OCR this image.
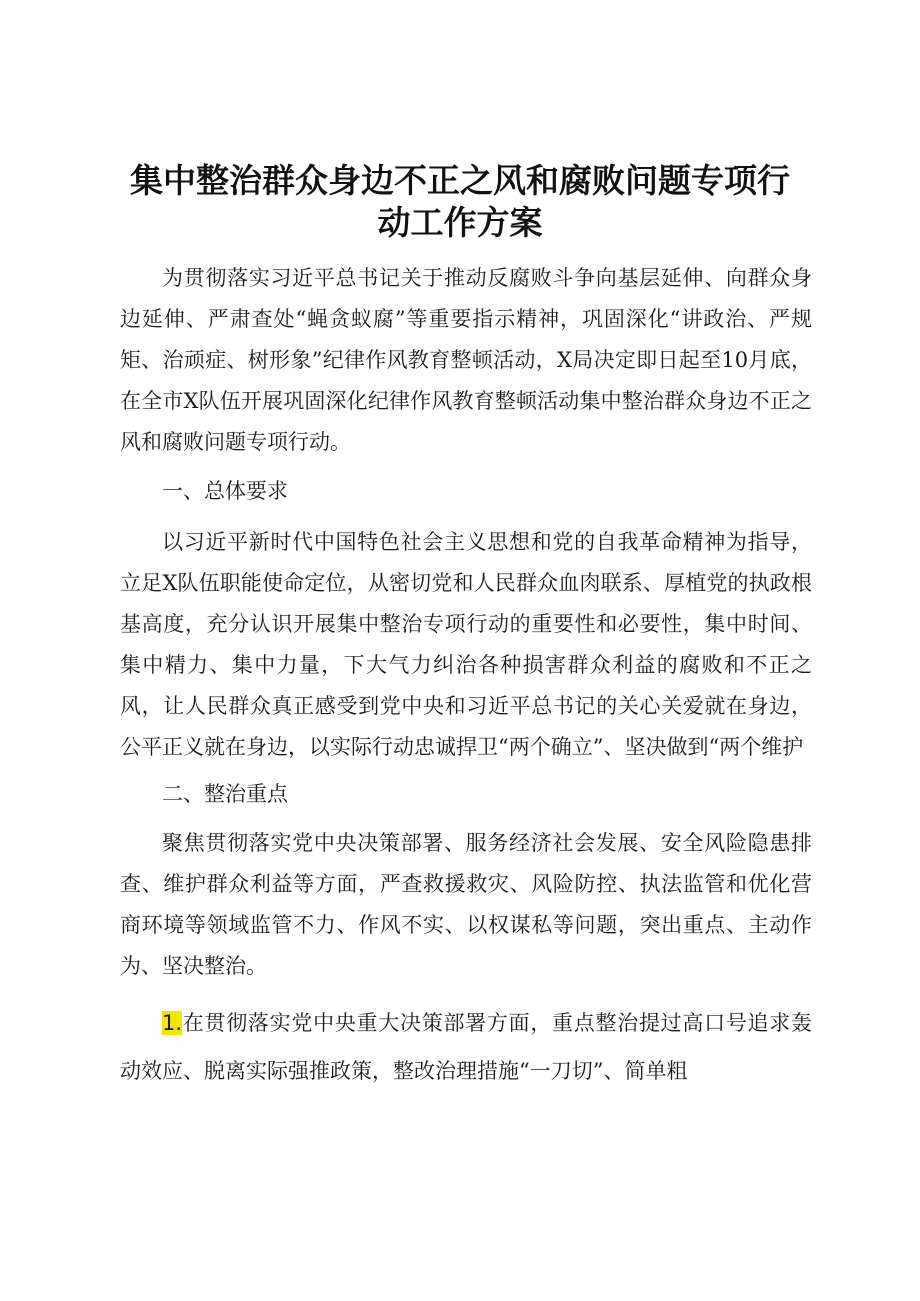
集中整治群众身边不正之风和腐败问题专项行
动工作方案

为贯彻落实习近平总书记关于推动反腐败斗争向基层延伸、向群众身边延伸、严肃查处“蝇贪蚁腐”等重要指示精神，巩固深化“讲政治、严规矩、治顽症、树形象”纪律作风教育整顿活动，X局决定即日起至10月底，在全市X队伍开展巩固深化纪律作风教育整顿活动集中整治群众身边不正之风和腐败问题专项行动。

一、总体要求

以习近平新时代中国特色社会主义思想和党的自我革命精神为指导，立足X队伍职能使命定位，从密切党和人民群众血肉联系、厚植党的执政根基高度，充分认识开展集中整治专项行动的重要性和必要性，集中时间、集中精力、集中力量，下大气力纠治各种损害群众利益的腐败和不正之风，让人民群众真正感受到党中央和习近平总书记的关心关爱就在身边，公平正义就在身边，以实际行动忠诚捍卫“两个确立”、坚决做到“两个维护

二、整治重点

聚焦贯彻落实党中央决策部署、服务经济社会发展、安全风险隐患排查、维护群众利益等方面，严查救援救灾、风险防控、执法监管和优化营商环境等领域监管不力、作风不实、以权谋私等问题，突出重点、主动作为、坚决整治。

1.在贯彻落实党中央重大决策部署方面，重点整治提过高口号追求轰动效应、脱离实际强推政策，整改治理措施“一刀切”、简单粗
